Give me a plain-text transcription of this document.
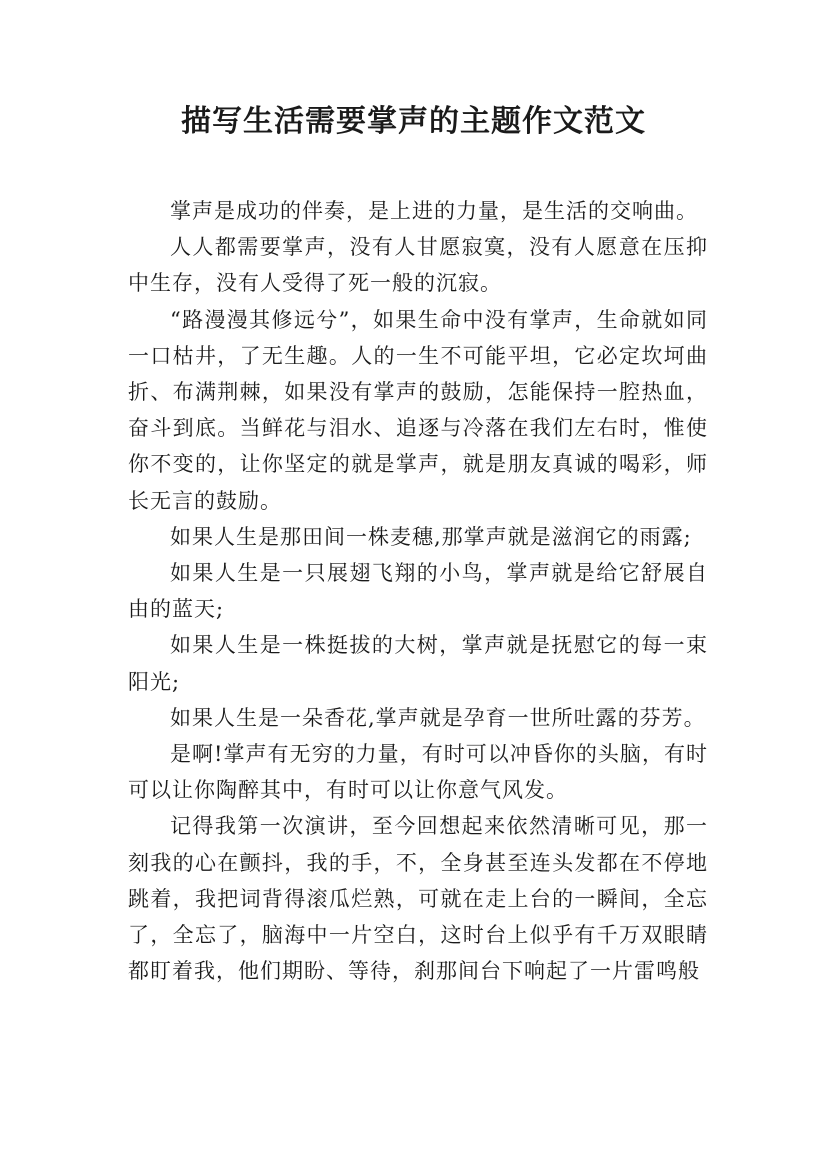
描写生活需要掌声的主题作文范文

掌声是成功的伴奏，是上进的力量，是生活的交响曲。

人人都需要掌声，没有人甘愿寂寞，没有人愿意在压抑中生存，没有人受得了死一般的沉寂。

“路漫漫其修远兮”，如果生命中没有掌声，生命就如同一口枯井，了无生趣。人的一生不可能平坦，它必定坎坷曲折、布满荆棘，如果没有掌声的鼓励，怎能保持一腔热血，奋斗到底。当鲜花与泪水、追逐与冷落在我们左右时，惟使你不变的，让你坚定的就是掌声，就是朋友真诚的喝彩，师长无言的鼓励。

如果人生是那田间一株麦穗,那掌声就是滋润它的雨露;

如果人生是一只展翅飞翔的小鸟，掌声就是给它舒展自由的蓝天;

如果人生是一株挺拔的大树，掌声就是抚慰它的每一束阳光;

如果人生是一朵香花,掌声就是孕育一世所吐露的芬芳。

是啊!掌声有无穷的力量，有时可以冲昏你的头脑，有时可以让你陶醉其中，有时可以让你意气风发。

记得我第一次演讲，至今回想起来依然清晰可见，那一刻我的心在颤抖，我的手，不，全身甚至连头发都在不停地跳着，我把词背得滚瓜烂熟，可就在走上台的一瞬间，全忘了，全忘了，脑海中一片空白，这时台上似乎有千万双眼睛都盯着我，他们期盼、等待，刹那间台下响起了一片雷鸣般
